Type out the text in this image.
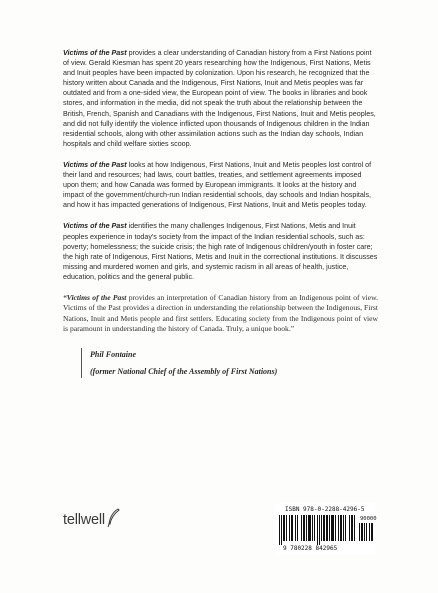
Victims of the Past provides a clear understanding of Canadian history from a First Nations point of view. Gerald Kiesman has spent 20 years researching how the Indigenous, First Nations, Metis and Inuit peoples have been impacted by colonization. Upon his research, he recognized that the history written about Canada and the Indigenous, First Nations, Inuit and Metis peoples was far outdated and from a one-sided view, the European point of view. The books in libraries and book stores, and information in the media, did not speak the truth about the relationship between the British, French, Spanish and Canadians with the Indigenous, First Nations, Inuit and Metis peoples, and did not fully identify the violence inflicted upon thousands of Indigenous children in the Indian residential schools, along with other assimilation actions such as the Indian day schools, Indian hospitals and child welfare sixties scoop.

Victims of the Past looks at how Indigenous, First Nations, Inuit and Metis peoples lost control of their land and resources; had laws, court battles, treaties, and settlement agreements imposed upon them; and how Canada was formed by European immigrants. It looks at the history and impact of the government/church-run Indian residential schools, day schools and Indian hospitals, and how it has impacted generations of Indigenous, First Nations, Inuit and Metis peoples today.

Victims of the Past identifies the many challenges Indigenous, First Nations, Metis and Inuit peoples experience in today's society from the impact of the Indian residential schools, such as: poverty; homelessness; the suicide crisis; the high rate of Indigenous children/youth in foster care; the high rate of Indigenous, First Nations, Metis and Inuit in the correctional institutions. It discusses missing and murdered women and girls, and systemic racism in all areas of health, justice, education, politics and the general public.

“Victims of the Past provides an interpretation of Canadian history from an Indigenous point of view. Victims of the Past provides a direction in understanding the relationship between the Indigenous, First Nations, Inuit and Metis people and first settlers. Educating society from the Indigenous point of view is paramount in understanding the history of Canada. Truly, a unique book.”

Phil Fontaine
(former National Chief of the Assembly of First Nations)
tellwell
ISBN 978-0-2288-4296-5
90000
9 780228 842965
